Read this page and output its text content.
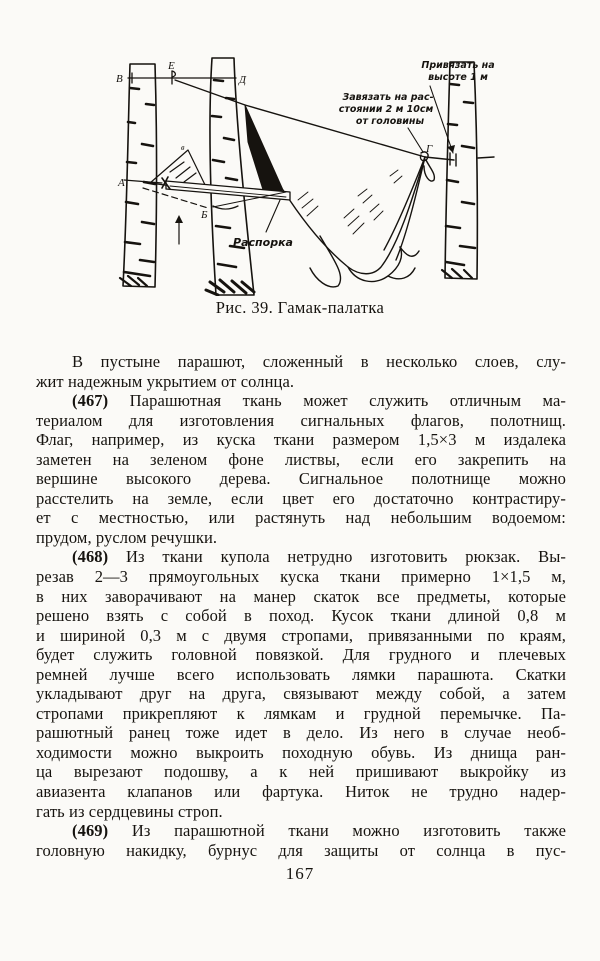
В
Е
Д
А
Б
Г
в
Привязать на
высоте 1 м
Завязать на рас-
стоянии 2 м 10см
от головины
Распорка
Рис. 39. Гамак-палатка
В пустыне парашют, сложенный в несколько слоев, слу-
жит надежным укрытием от солнца.
(467) Парашютная ткань может служить отличным ма-
териалом для изготовления сигнальных флагов, полотнищ.
Флаг, например, из куска ткани размером 1,5×3 м издалека
заметен на зеленом фоне листвы, если его закрепить на
вершине высокого дерева. Сигнальное полотнище можно
расстелить на земле, если цвет его достаточно контрастиру-
ет с местностью, или растянуть над небольшим водоемом:
прудом, руслом речушки.
(468) Из ткани купола нетрудно изготовить рюкзак. Вы-
резав 2—3 прямоугольных куска ткани примерно 1×1,5 м,
в них заворачивают на манер скаток все предметы, которые
решено взять с собой в поход. Кусок ткани длиной 0,8 м
и шириной 0,3 м с двумя стропами, привязанными по краям,
будет служить головной повязкой. Для грудного и плечевых
ремней лучше всего использовать лямки парашюта. Скатки
укладывают друг на друга, связывают между собой, а затем
стропами прикрепляют к лямкам и грудной перемычке. Па-
рашютный ранец тоже идет в дело. Из него в случае необ-
ходимости можно выкроить походную обувь. Из днища ран-
ца вырезают подошву, а к ней пришивают выкройку из
авиазента клапанов или фартука. Ниток не трудно надер-
гать из сердцевины строп.
(469) Из парашютной ткани можно изготовить также
головную накидку, бурнус для защиты от солнца в пус-
167
